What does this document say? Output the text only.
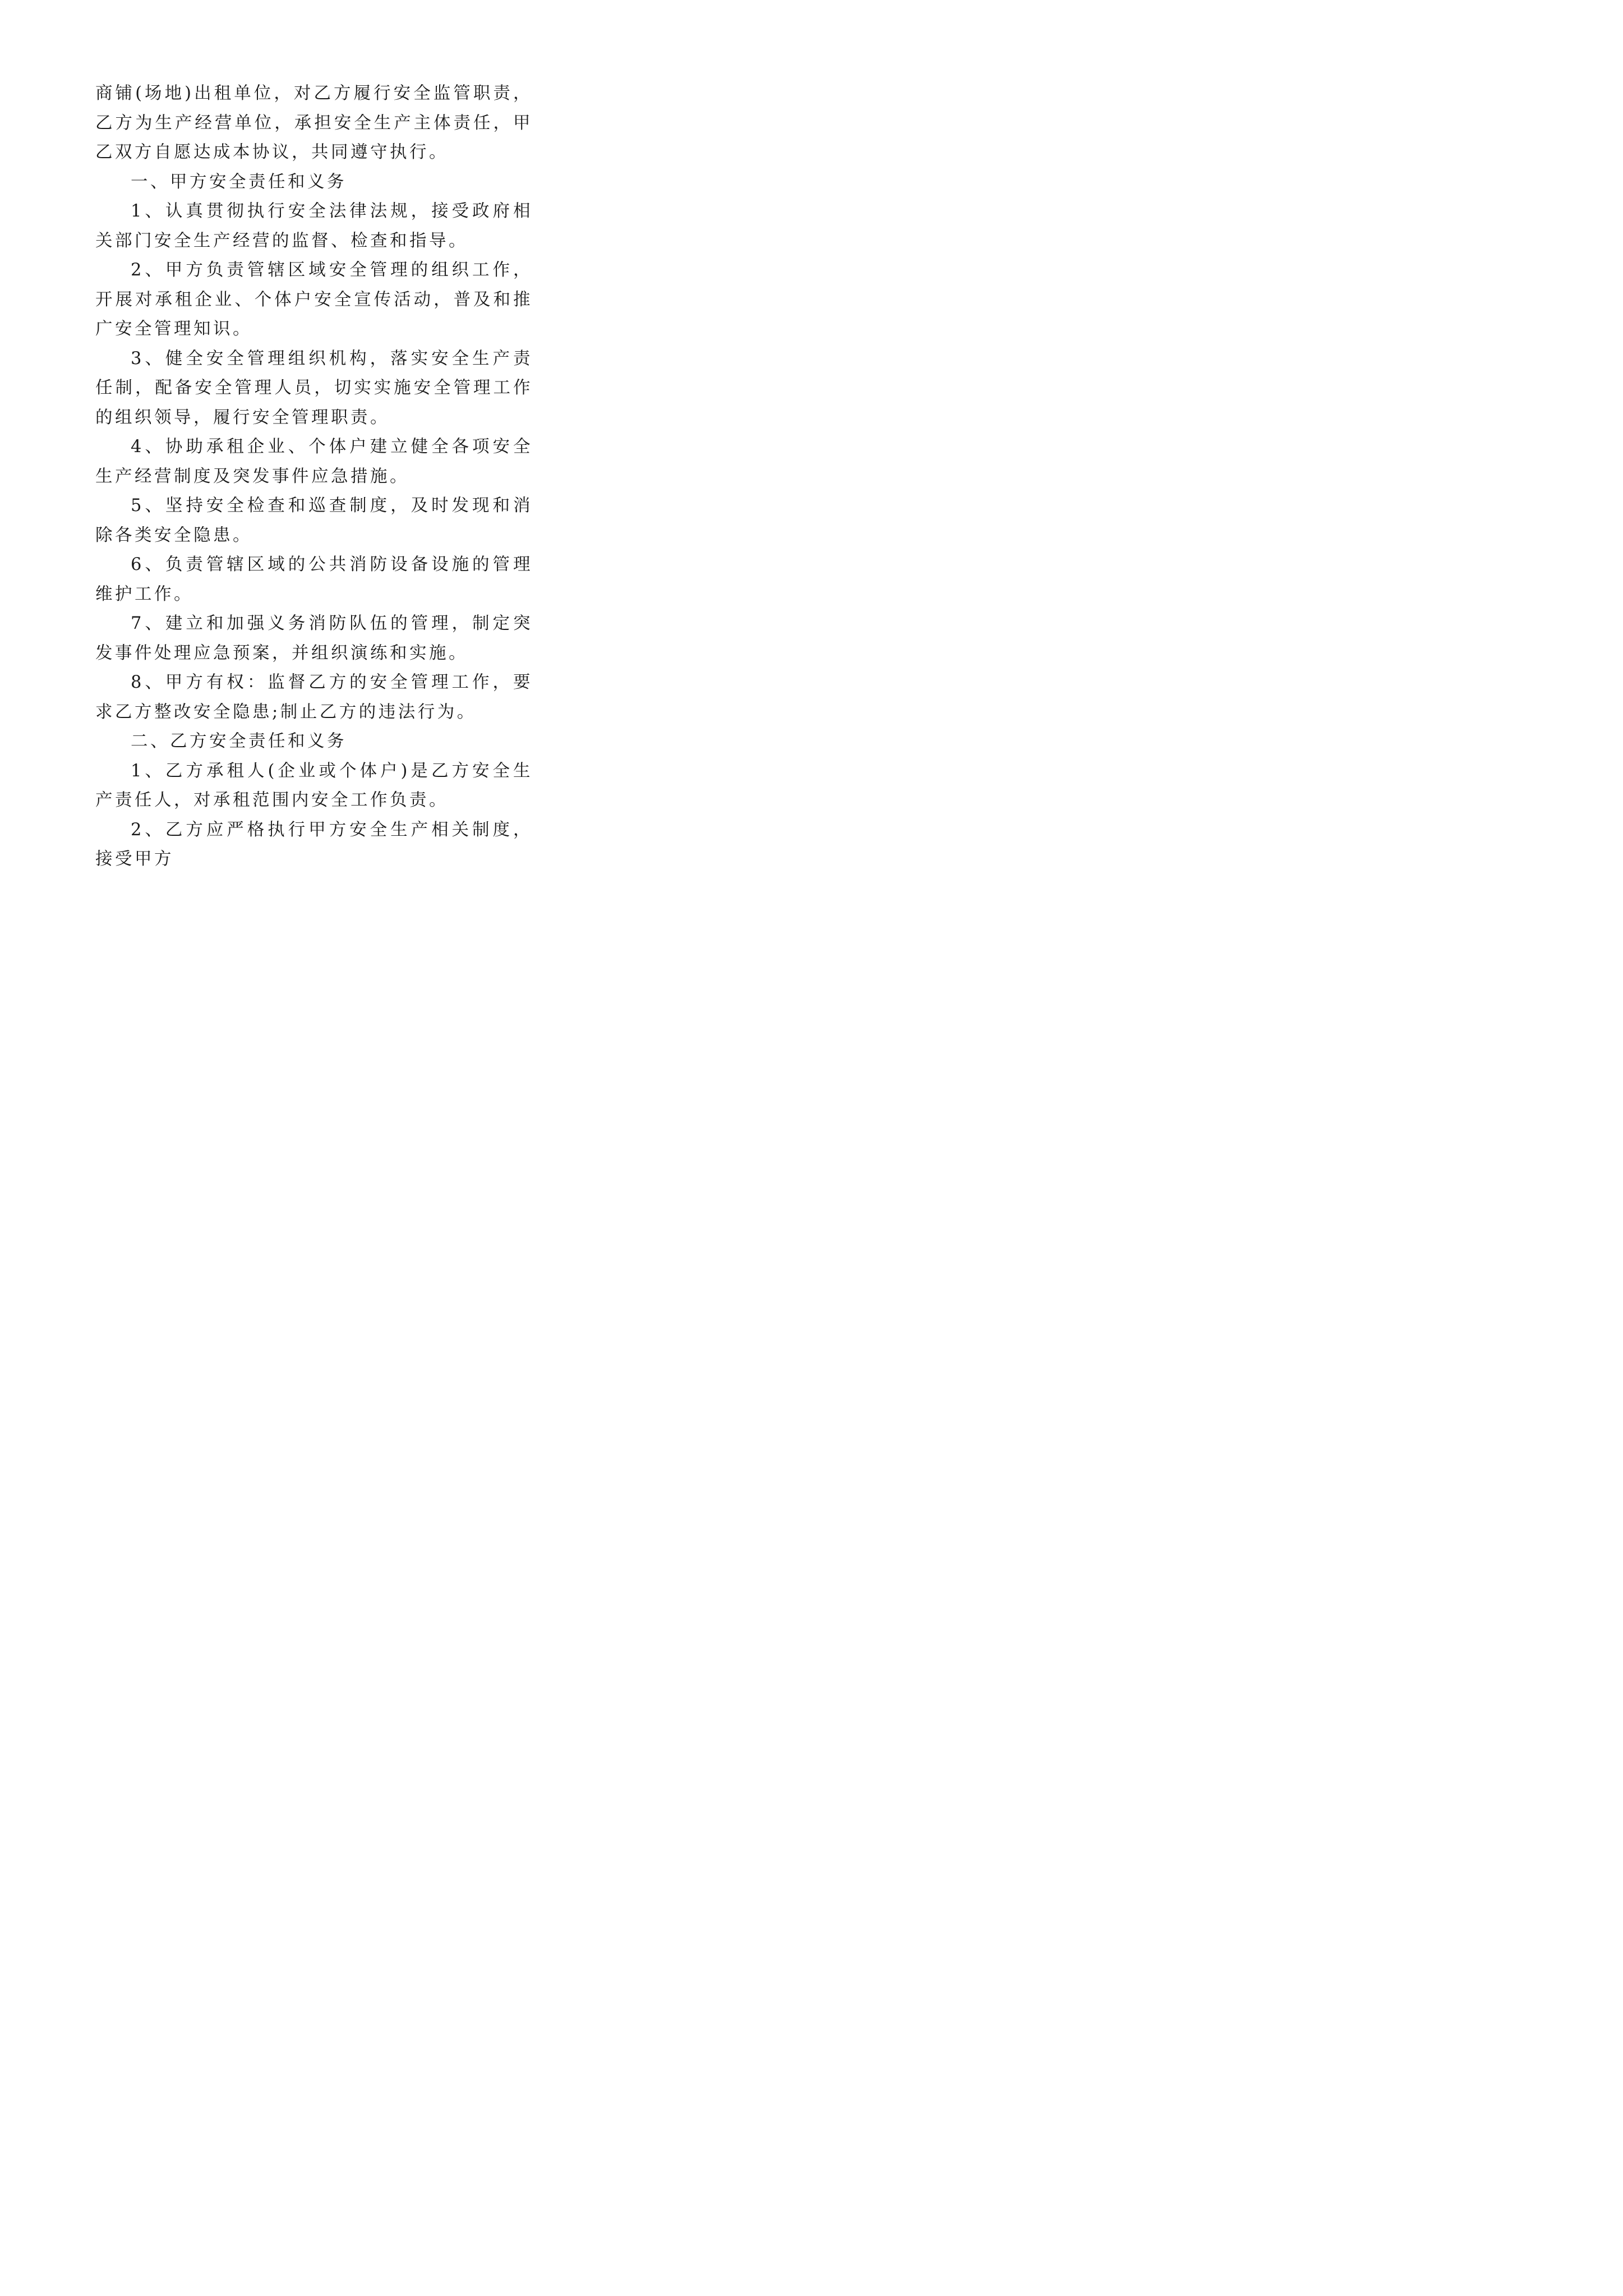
商铺(场地)出租单位，对乙方履行安全监管职责，乙方为生产经营单位，承担安全生产主体责任，甲乙双方自愿达成本协议，共同遵守执行。

一、甲方安全责任和义务

1、认真贯彻执行安全法律法规，接受政府相关部门安全生产经营的监督、检查和指导。

2、甲方负责管辖区域安全管理的组织工作，开展对承租企业、个体户安全宣传活动，普及和推广安全管理知识。

3、健全安全管理组织机构，落实安全生产责任制，配备安全管理人员，切实实施安全管理工作的组织领导，履行安全管理职责。

4、协助承租企业、个体户建立健全各项安全生产经营制度及突发事件应急措施。

5、坚持安全检查和巡查制度，及时发现和消除各类安全隐患。

6、负责管辖区域的公共消防设备设施的管理维护工作。

7、建立和加强义务消防队伍的管理，制定突发事件处理应急预案，并组织演练和实施。

8、甲方有权：监督乙方的安全管理工作，要求乙方整改安全隐患;制止乙方的违法行为。

二、乙方安全责任和义务

1、乙方承租人(企业或个体户)是乙方安全生产责任人，对承租范围内安全工作负责。

2、乙方应严格执行甲方安全生产相关制度，接受甲方
